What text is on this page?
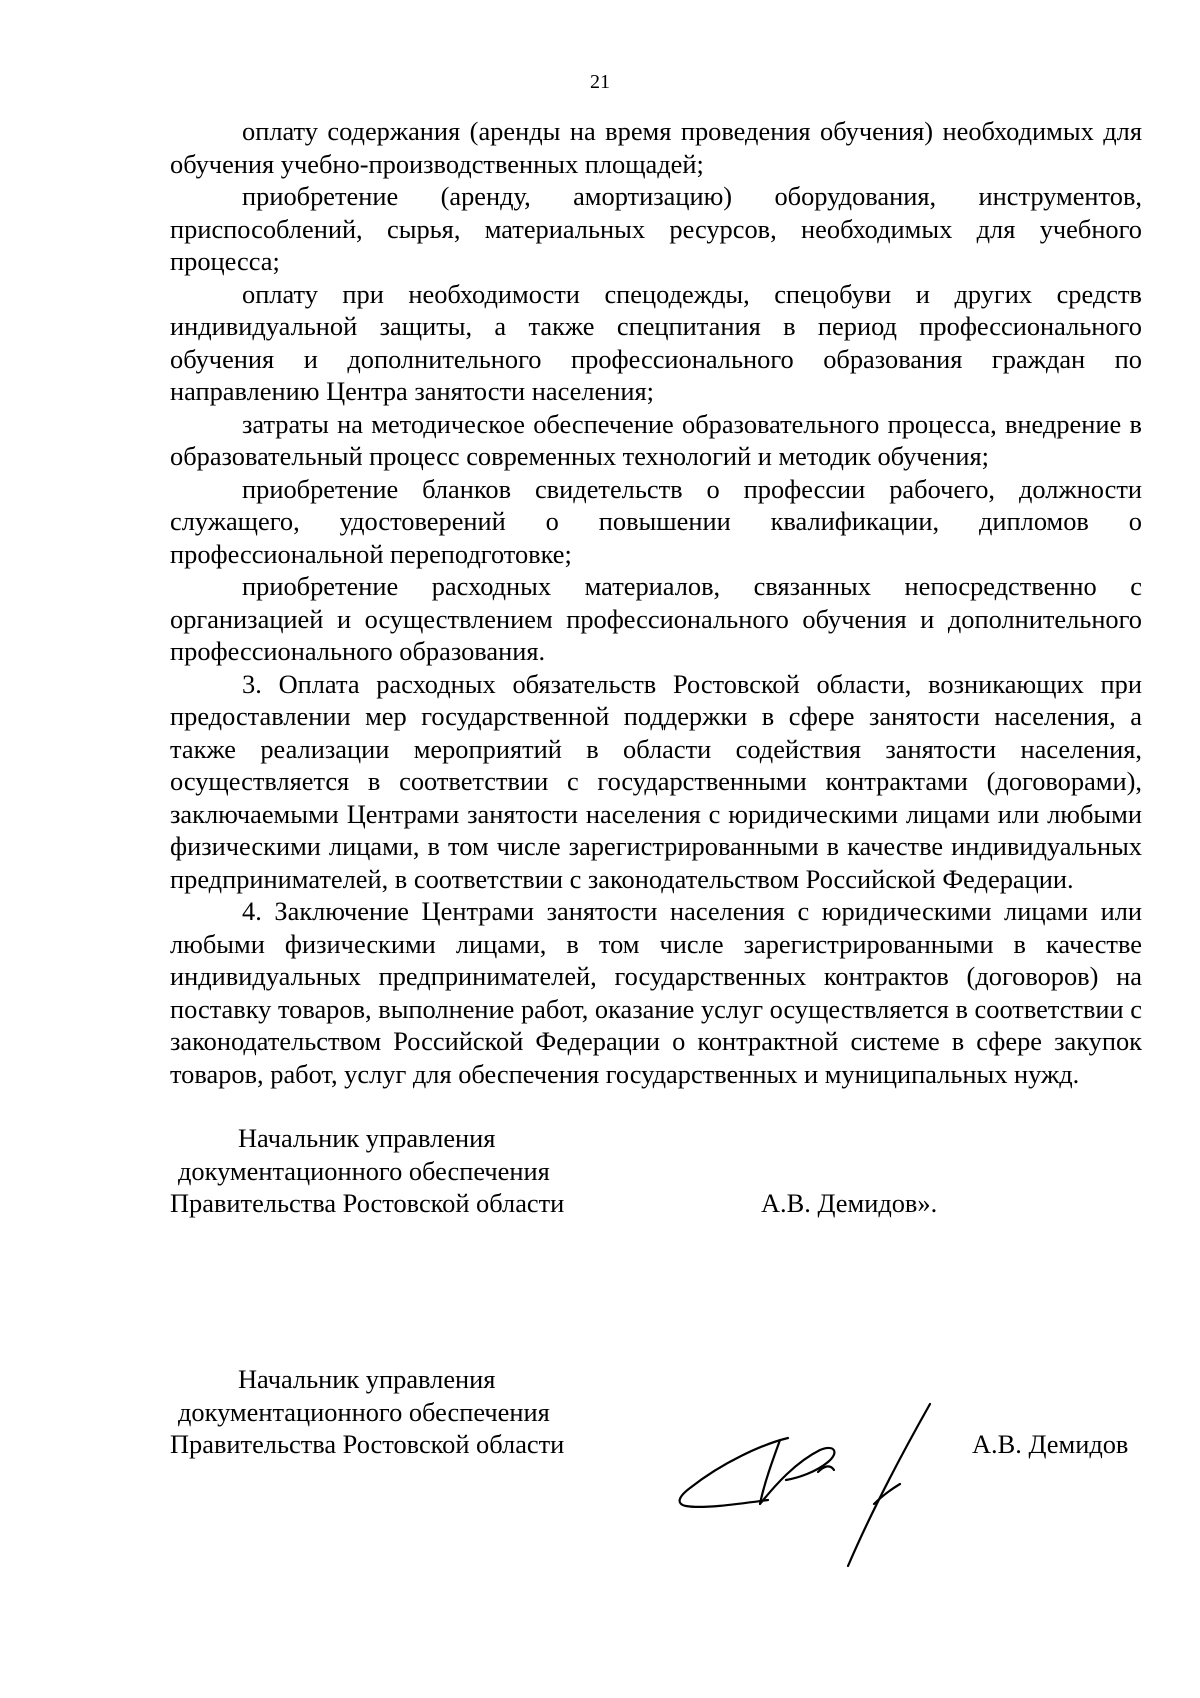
21

оплату содержания (аренды на время проведения обучения) необходимых для обучения учебно-производственных площадей;

приобретение (аренду, амортизацию) оборудования, инструментов, приспособлений, сырья, материальных ресурсов, необходимых для учебного процесса;

оплату при необходимости спецодежды, спецобуви и других средств индивидуальной защиты, а также спецпитания в период профессионального обучения и дополнительного профессионального образования граждан по направлению Центра занятости населения;

затраты на методическое обеспечение образовательного процесса, внедрение в образовательный процесс современных технологий и методик обучения;

приобретение бланков свидетельств о профессии рабочего, должности служащего, удостоверений о повышении квалификации, дипломов о профессиональной переподготовке;

приобретение расходных материалов, связанных непосредственно с организацией и осуществлением профессионального обучения и дополнительного профессионального образования.

3. Оплата расходных обязательств Ростовской области, возникающих при предоставлении мер государственной поддержки в сфере занятости населения, а также реализации мероприятий в области содействия занятости населения, осуществляется в соответствии с государственными контрактами (договорами), заключаемыми Центрами занятости населения с юридическими лицами или любыми физическими лицами, в том числе зарегистрированными в качестве индивидуальных предпринимателей, в соответствии с законодательством Российской Федерации.

4. Заключение Центрами занятости населения с юридическими лицами или любыми физическими лицами, в том числе зарегистрированными в качестве индивидуальных предпринимателей, государственных контрактов (договоров) на поставку товаров, выполнение работ, оказание услуг осуществляется в соответствии с законодательством Российской Федерации о контрактной системе в сфере закупок товаров, работ, услуг для обеспечения государственных и муниципальных нужд.

Начальник управления
документационного обеспечения
Правительства Ростовской области	А.В. Демидов».
Начальник управления
документационного обеспечения
Правительства Ростовской области	А.В. Демидов
